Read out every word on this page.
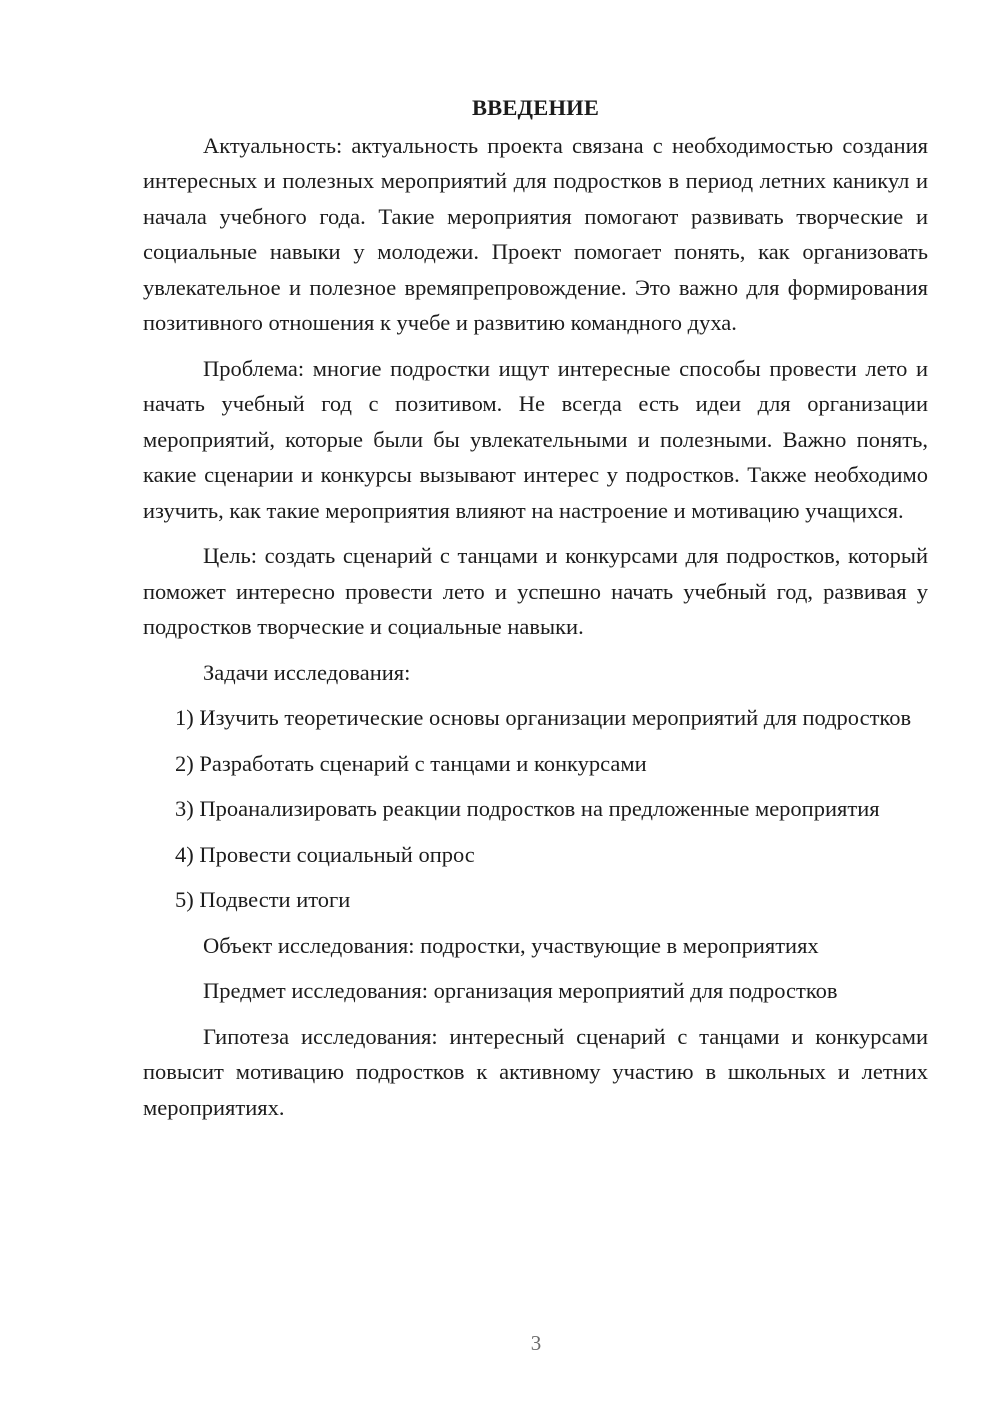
ВВЕДЕНИЕ

Актуальность: актуальность проекта связана с необходимостью создания интересных и полезных мероприятий для подростков в период летних каникул и начала учебного года. Такие мероприятия помогают развивать творческие и социальные навыки у молодежи. Проект помогает понять, как организовать увлекательное и полезное времяпрепровождение. Это важно для формирования позитивного отношения к учебе и развитию командного духа.

Проблема: многие подростки ищут интересные способы провести лето и начать учебный год с позитивом. Не всегда есть идеи для организации мероприятий, которые были бы увлекательными и полезными. Важно понять, какие сценарии и конкурсы вызывают интерес у подростков. Также необходимо изучить, как такие мероприятия влияют на настроение и мотивацию учащихся.

Цель: создать сценарий с танцами и конкурсами для подростков, который поможет интересно провести лето и успешно начать учебный год, развивая у подростков творческие и социальные навыки.

Задачи исследования:

1) Изучить теоретические основы организации мероприятий для подростков

2) Разработать сценарий с танцами и конкурсами

3) Проанализировать реакции подростков на предложенные мероприятия

4) Провести социальный опрос

5) Подвести итоги

Объект исследования: подростки, участвующие в мероприятиях

Предмет исследования: организация мероприятий для подростков

Гипотеза исследования: интересный сценарий с танцами и конкурсами повысит мотивацию подростков к активному участию в школьных и летних мероприятиях.

3
